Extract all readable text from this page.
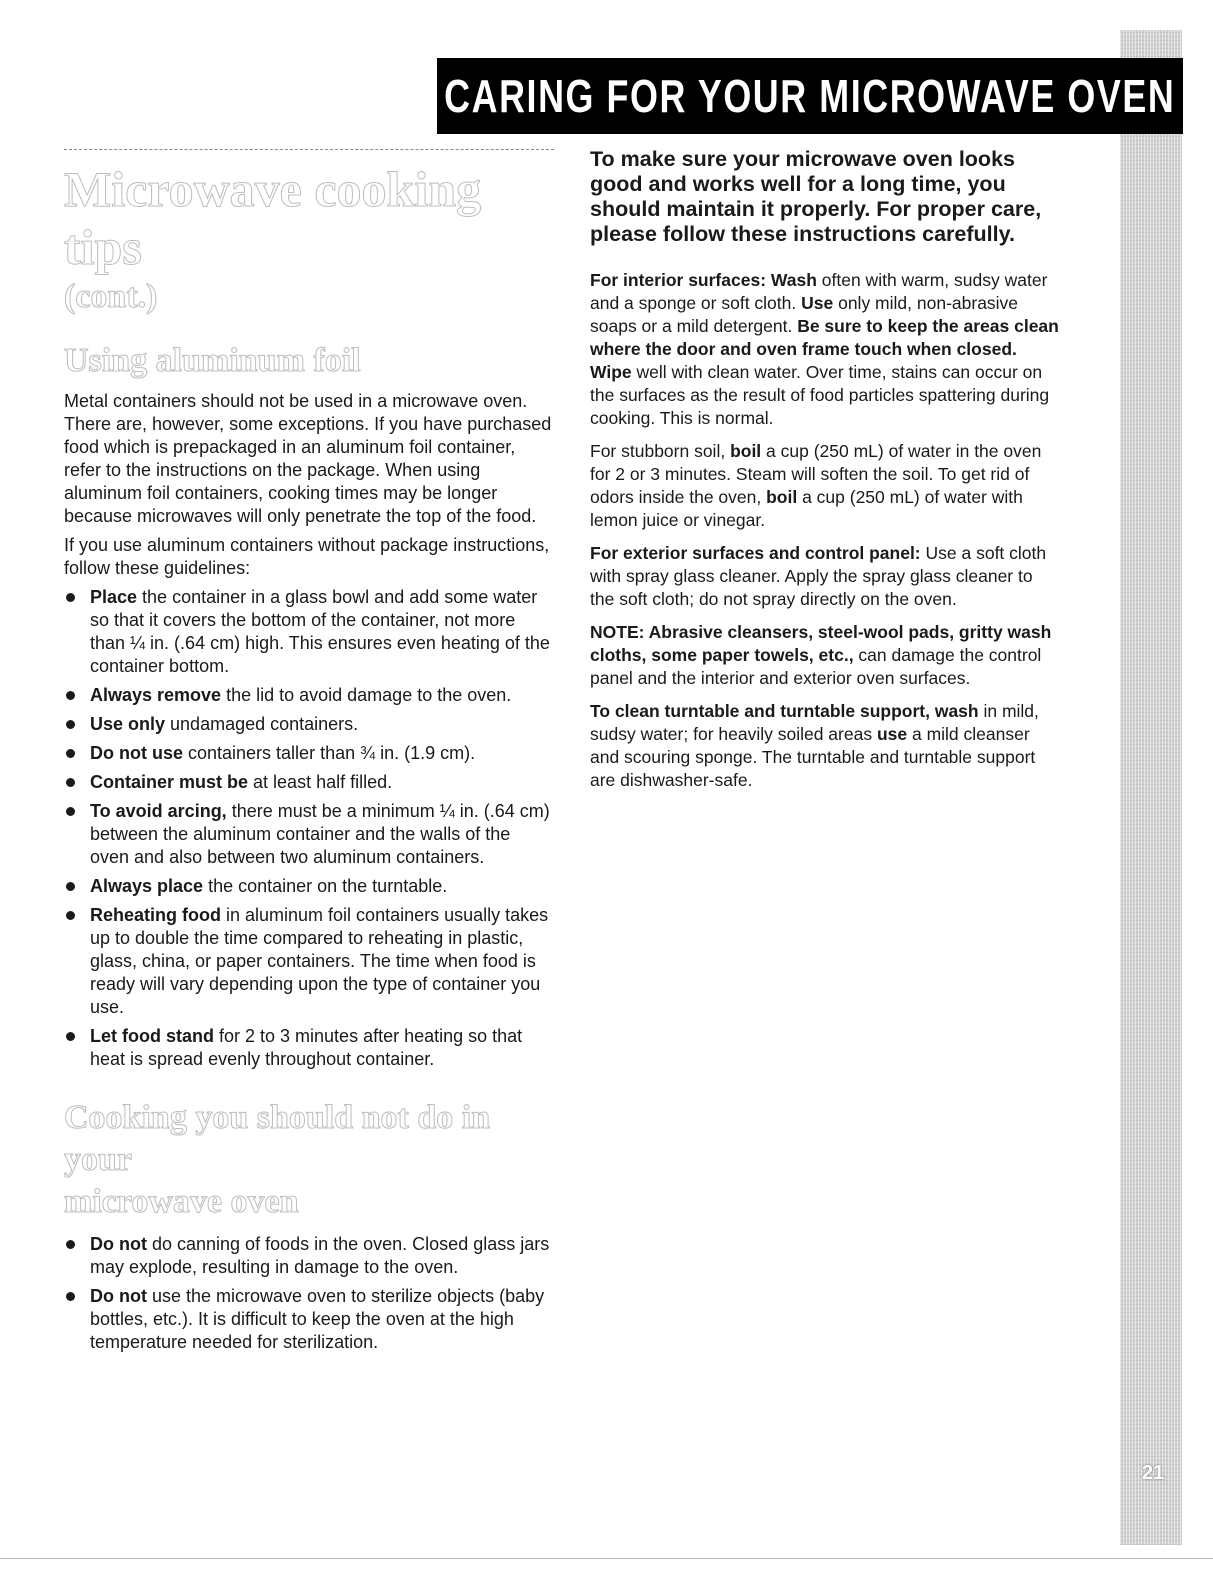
21
CARING FOR YOUR MICROWAVE OVEN
Microwave cooking tips
(cont.)
Using aluminum foil

Metal containers should not be used in a microwave oven. There are, however, some exceptions. If you have purchased food which is prepackaged in an aluminum foil container, refer to the instructions on the package. When using aluminum foil containers, cooking times may be longer because microwaves will only penetrate the top of the food.

If you use aluminum containers without package instructions, follow these guidelines:

Place the container in a glass bowl and add some water so that it covers the bottom of the container, not more than ¼ in. (.64 cm) high. This ensures even heating of the container bottom.
Always remove the lid to avoid damage to the oven.
Use only undamaged containers.
Do not use containers taller than ¾ in. (1.9 cm).
Container must be at least half filled.
To avoid arcing, there must be a minimum ¼ in. (.64 cm) between the aluminum container and the walls of the oven and also between two aluminum containers.
Always place the container on the turntable.
Reheating food in aluminum foil containers usually takes up to double the time compared to reheating in plastic, glass, china, or paper containers. The time when food is ready will vary depending upon the type of container you use.
Let food stand for 2 to 3 minutes after heating so that heat is spread evenly throughout container.
Cooking you should not do in your
microwave oven
Do not do canning of foods in the oven. Closed glass jars may explode, resulting in damage to the oven.
Do not use the microwave oven to sterilize objects (baby bottles, etc.). It is difficult to keep the oven at the high temperature needed for sterilization.

To make sure your microwave oven looks good and works well for a long time, you should maintain it properly. For proper care, please follow these instructions carefully.

For interior surfaces: Wash often with warm, sudsy water and a sponge or soft cloth. Use only mild, non-abrasive soaps or a mild detergent. Be sure to keep the areas clean where the door and oven frame touch when closed. Wipe well with clean water. Over time, stains can occur on the surfaces as the result of food particles spattering during cooking. This is normal.

For stubborn soil, boil a cup (250 mL) of water in the oven for 2 or 3 minutes. Steam will soften the soil. To get rid of odors inside the oven, boil a cup (250 mL) of water with lemon juice or vinegar.

For exterior surfaces and control panel: Use a soft cloth with spray glass cleaner. Apply the spray glass cleaner to the soft cloth; do not spray directly on the oven.

NOTE: Abrasive cleansers, steel-wool pads, gritty wash cloths, some paper towels, etc., can damage the control panel and the interior and exterior oven surfaces.

To clean turntable and turntable support, wash in mild, sudsy water; for heavily soiled areas use a mild cleanser and scouring sponge. The turntable and turntable support are dishwasher-safe.
